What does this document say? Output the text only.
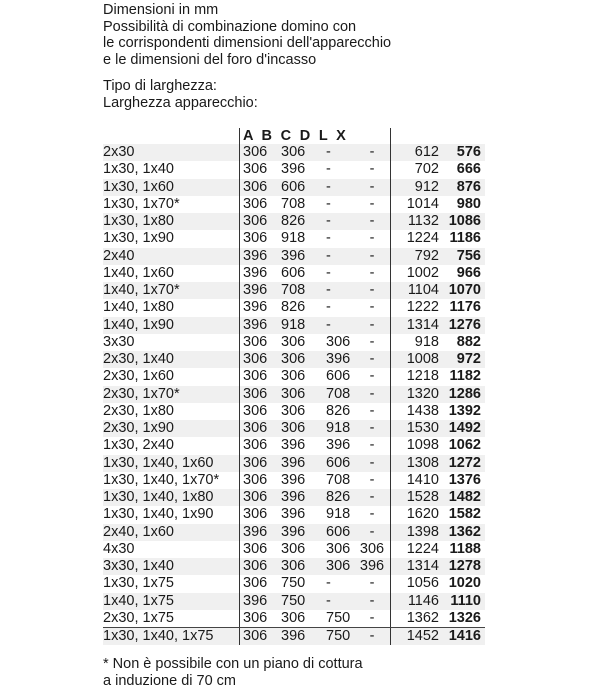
Dimensioni in mm
Possibilità di combinazione domino con
le corrispondenti dimensioni dell'apparecchio
e le dimensioni del foro d'incasso
Tipo di larghezza:
Larghezza apparecchio:
A B C D L X
2x30	306 306 -	-	612	576
1x30, 1x40	306 396 -	-	702	666
1x30, 1x60	306 606 -	-	912	876
1x30, 1x70*	306 708 -	-	1014	980
1x30, 1x80	306 826 -	-	1132 1086
1x30, 1x90	306 918 -	-	1224 1186
2x40	396 396 -	-	792	756
1x40, 1x60	396 606 -	-	1002	966
1x40, 1x70*	396 708 -	-	1104 1070
1x40, 1x80	396 826 -	-	1222 1176
1x40, 1x90	396 918 -	-	1314 1276
3x30	306 306 306	-	918	882
2x30, 1x40	306 306 396	-	1008	972
2x30, 1x60	306 306 606	-	1218 1182
2x30, 1x70*	306 306 708	-	1320 1286
2x30, 1x80	306 306 826	-	1438 1392
2x30, 1x90	306 306 918	-	1530 1492
1x30, 2x40	306 396 396	-	1098 1062
1x30, 1x40, 1x60 306 396 606	-	1308 1272
1x30, 1x40, 1x70* 306 396 708	-	1410 1376
1x30, 1x40, 1x80 306 396 826	-	1528 1482
1x30, 1x40, 1x90 306 396 918	-	1620 1582
2x40, 1x60	396 396 606	-	1398 1362
4x30	306 306 306 306	1224 1188
3x30, 1x40	306 306 306 396	1314 1278
1x30, 1x75	306 750 -	-	1056 1020
1x40, 1x75	396 750 -	-	1146 1110
2x30, 1x75	306 306 750	-	1362 1326
1x30, 1x40, 1x75 306 396 750	-	1452 1416
* Non è possibile con un piano di cottura
a induzione di 70 cm
